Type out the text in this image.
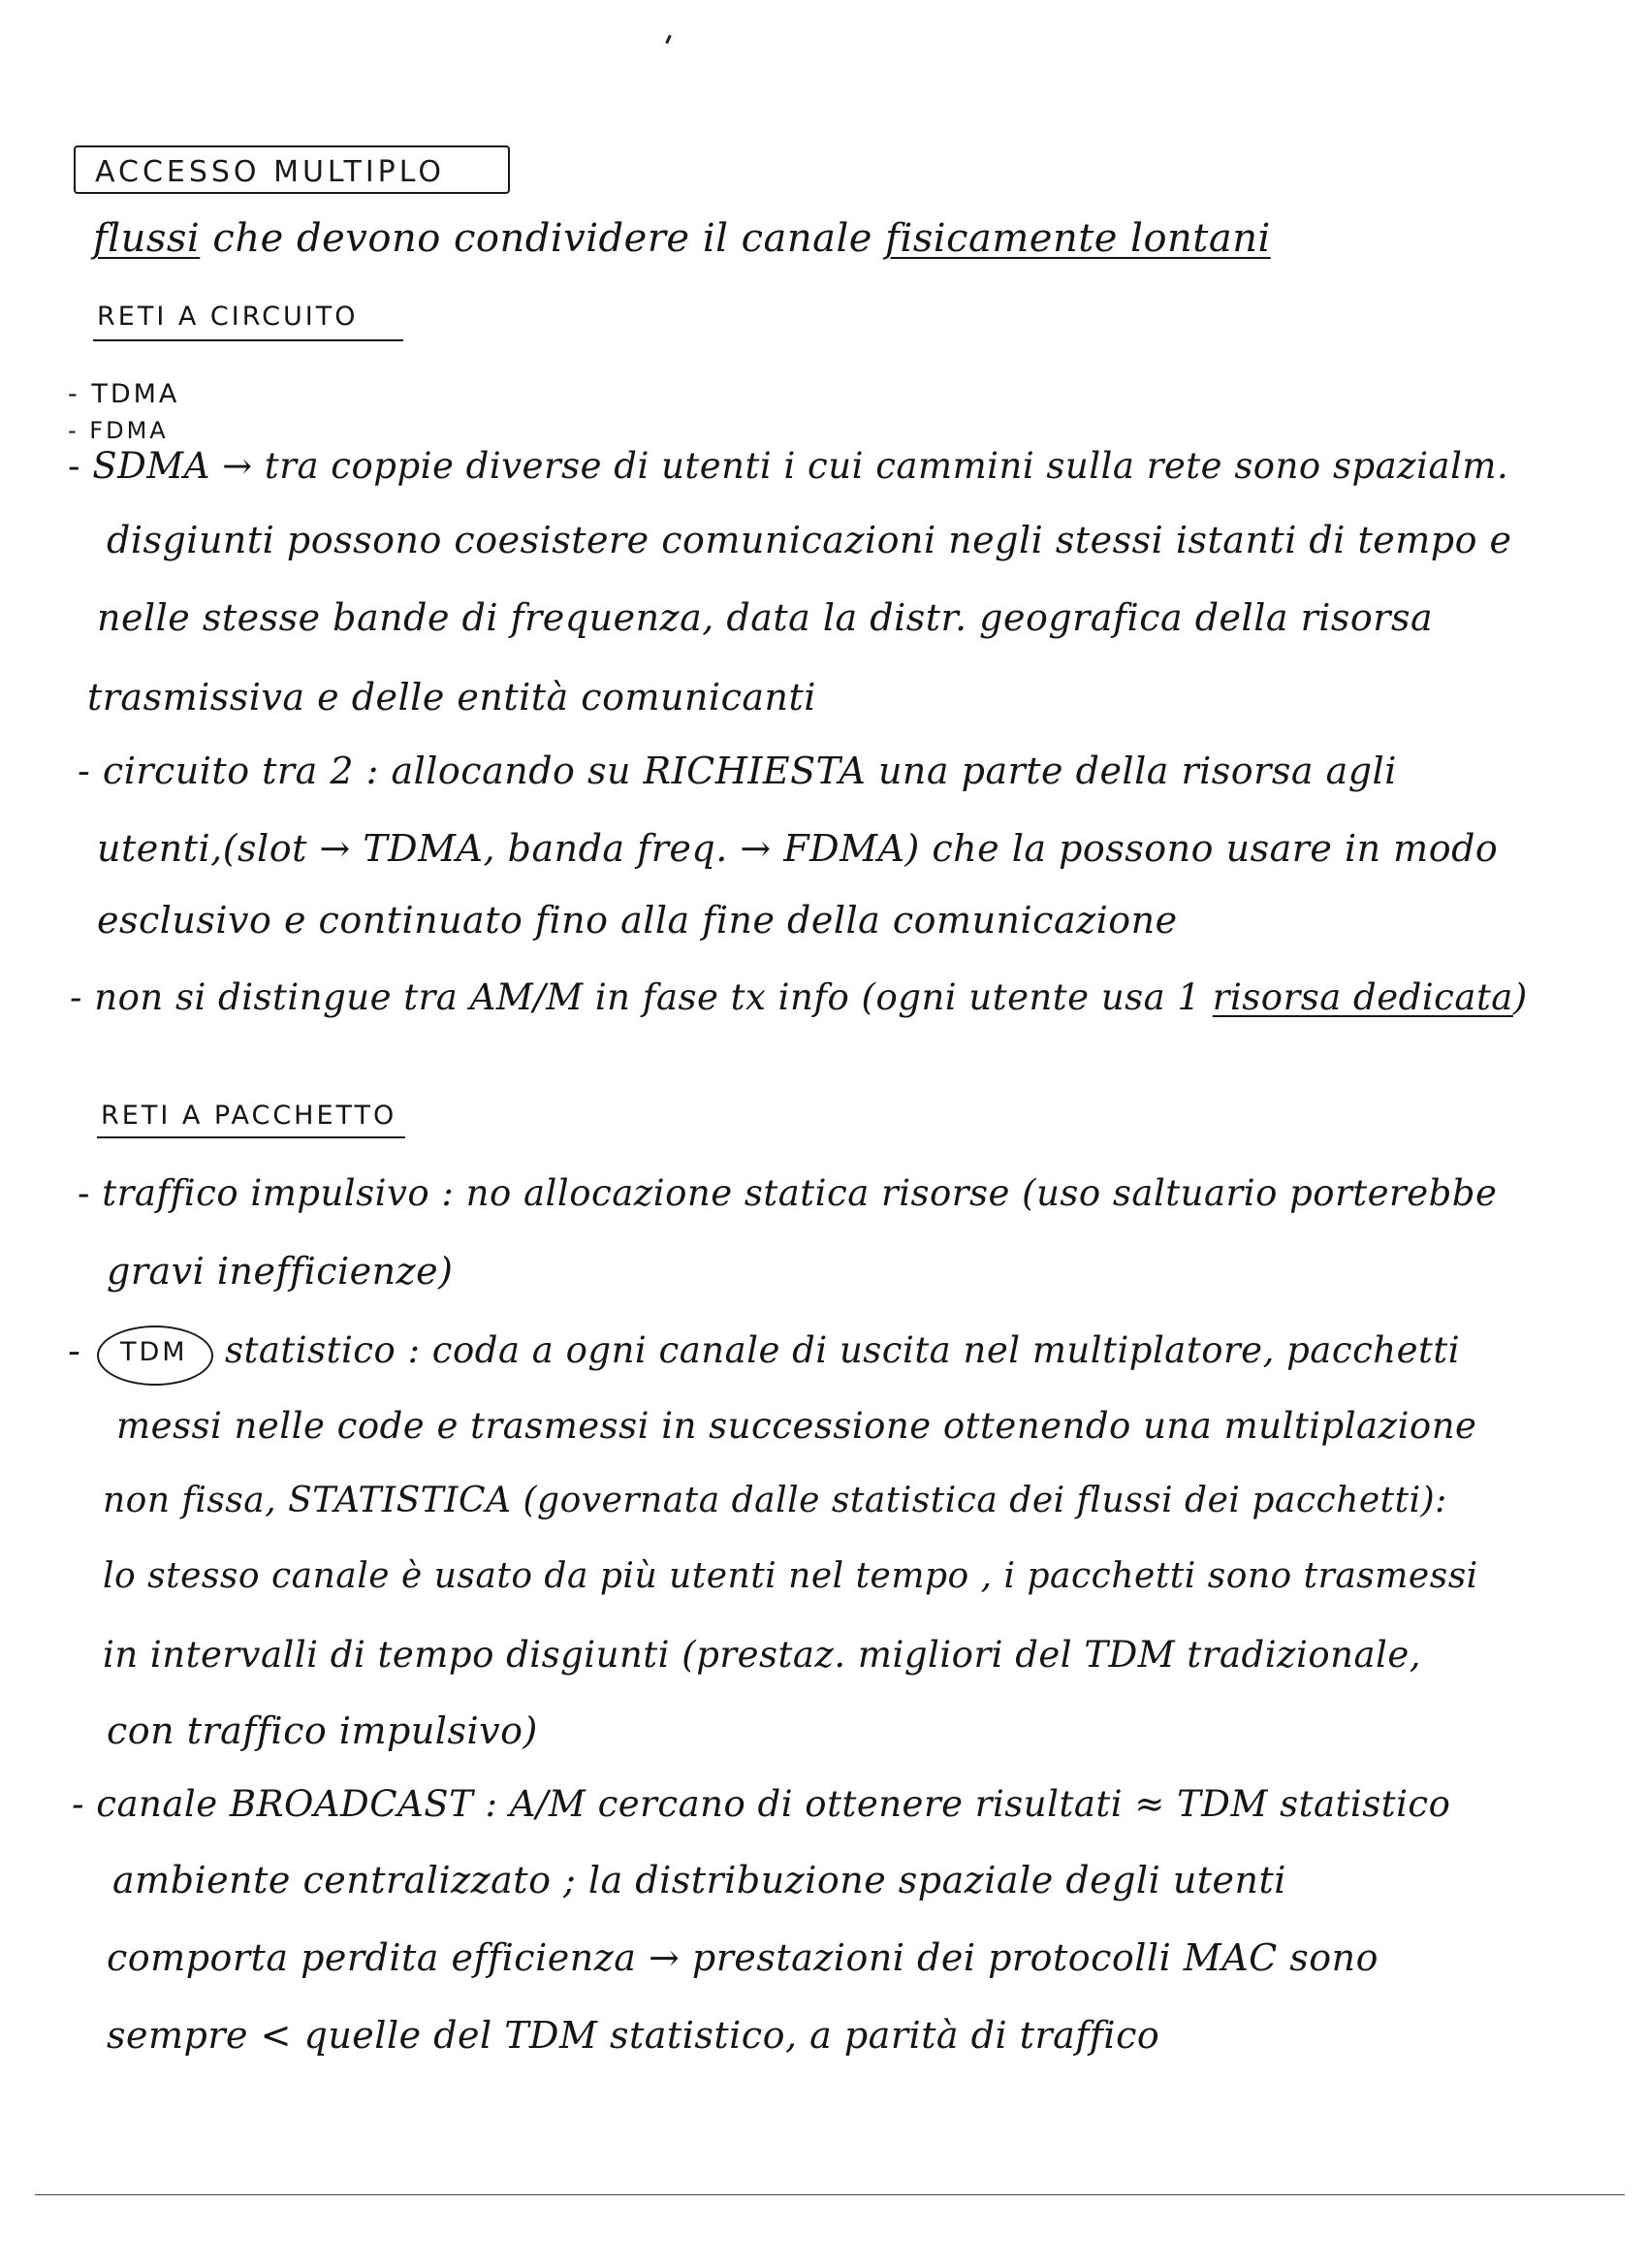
ACCESSO MULTIPLO
flussi che devono condividere il canale fisicamente lontani
RETI A CIRCUITO
- TDMA
- FDMA
- SDMA → tra coppie diverse di utenti i cui cammini sulla rete sono spazialm.
disgiunti possono coesistere comunicazioni negli stessi istanti di tempo e
nelle stesse bande di frequenza, data la distr. geografica della risorsa
trasmissiva e delle entità comunicanti
- circuito tra 2 : allocando su RICHIESTA una parte della risorsa agli
utenti,(slot → TDMA, banda freq. → FDMA) che la possono usare in modo
esclusivo e continuato fino alla fine della comunicazione
- non si distingue tra AM/M in fase tx info (ogni utente usa 1 risorsa dedicata)
RETI A PACCHETTO
- traffico impulsivo : no allocazione statica risorse (uso saltuario porterebbe
gravi inefficienze)
- TDM statistico : coda a ogni canale di uscita nel multiplatore, pacchetti
messi nelle code e trasmessi in successione ottenendo una multiplazione
non fissa, STATISTICA (governata dalle statistica dei flussi dei pacchetti):
lo stesso canale è usato da più utenti nel tempo , i pacchetti sono trasmessi
in intervalli di tempo disgiunti (prestaz. migliori del TDM tradizionale,
con traffico impulsivo)
- canale BROADCAST : A/M cercano di ottenere risultati ≈ TDM statistico
ambiente centralizzato ; la distribuzione spaziale degli utenti
comporta perdita efficienza → prestazioni dei protocolli MAC sono
sempre < quelle del TDM statistico, a parità di traffico
